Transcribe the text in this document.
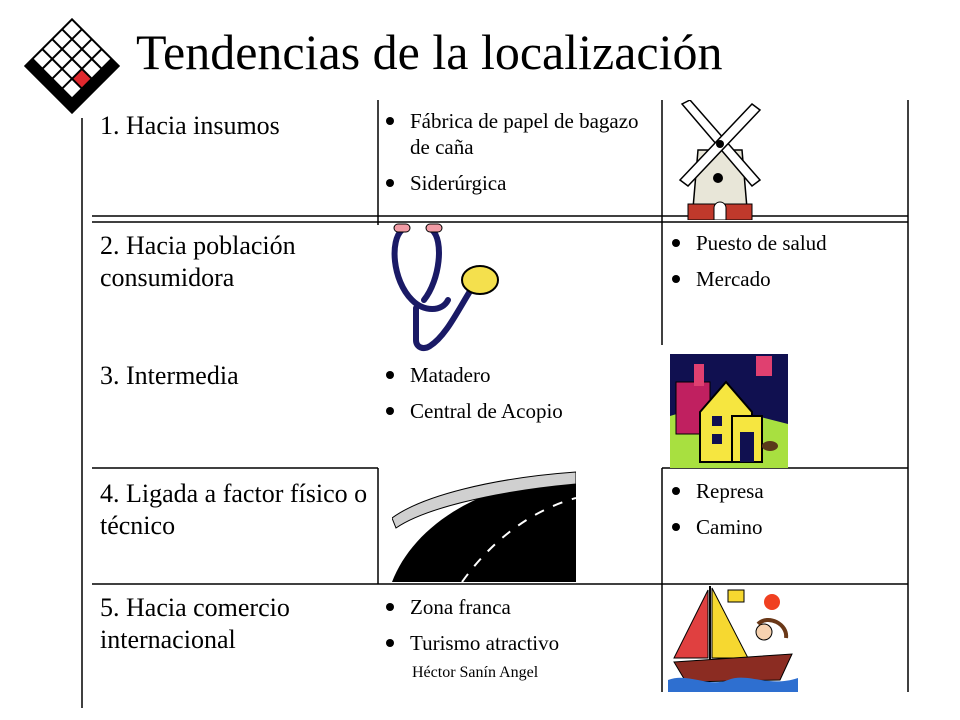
Tendencias de la localización
1. Hacia insumos	Fábrica de papel de bagazo de caña
Siderúrgica
2. Hacia población consumidora
Puesto de salud
Mercado
3. Intermedia	Matadero
Central de Acopio
4. Ligada a factor físico o técnico
Represa
Camino
5. Hacia comercio internacional
Zona franca
Turismo atractivo
Héctor Sanín Angel
